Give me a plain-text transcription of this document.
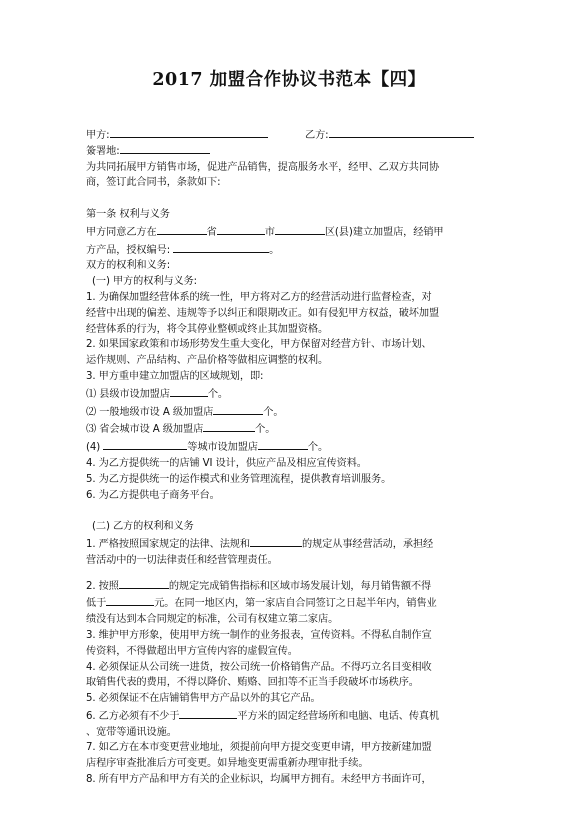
2017 加盟合作协议书范本【四】
甲方:	乙方:
簽署地:
为共同拓展甲方销售市场，促进产品销售，提高服务水平，经甲、乙双方共同协
商，签订此合同书，条款如下:
第一条 权利与义务
甲方同意乙方在	省	市	区(县)建立加盟店，经销甲
方产品，授权编号:	。
双方的权利和义务:
(一) 甲方的权利与义务:
1. 为确保加盟经营体系的统一性，甲方将对乙方的经营活动进行监督检查，对
经营中出现的偏差、违规等予以纠正和限期改正。如有侵犯甲方权益，破坏加盟
经营体系的行为，将令其停业整顿或终止其加盟资格。
2. 如果国家政策和市场形势发生重大变化，甲方保留对经营方针、市场计划、
运作规则、产品结构、产品价格等做相应调整的权利。
3. 甲方重申建立加盟店的区域规划，即:
⑴ 县级市设加盟店	个。
⑵ 一般地级市设 A 级加盟店	个。
⑶ 省会城市设 A 级加盟店	个。
(4)	等城市设加盟店	个。
4. 为乙方提供统一的店铺 VI 设计，供应产品及相应宣传资料。
5. 为乙方提供统一的运作模式和业务管理流程，提供教育培训服务。
6. 为乙方提供电子商务平台。
(二) 乙方的权利和义务
1. 严格按照国家规定的法律、法规和	的规定从事经营活动，承担经
营活动中的一切法律责任和经营管理责任。
2. 按照	的规定完成销售指标和区域市场发展计划，每月销售额不得
低于	元。在同一地区内，第一家店自合同签订之日起半年内，销售业
绩没有达到本合同规定的标准，公司有权建立第二家店。
3. 维护甲方形象，使用甲方统一制作的业务报表，宣传资料。不得私自制作宣
传资料，不得做超出甲方宣传内容的虚假宣传。
4. 必须保证从公司统一进货，按公司统一价格销售产品。不得巧立名目变相收
取销售代表的费用，不得以降价、贿赂、回扣等不正当手段破坏市场秩序。
5. 必须保证不在店铺销售甲方产品以外的其它产品。
6. 乙方必须有不少于	平方米的固定经营场所和电脑、电话、传真机
、宽带等通讯设施。
7. 如乙方在本市变更营业地址，须提前向甲方提交变更申请，甲方按新建加盟
店程序审查批准后方可变更。如异地变更需重新办理审批手续。
8. 所有甲方产品和甲方有关的企业标识，均属甲方拥有。未经甲方书面许可，
